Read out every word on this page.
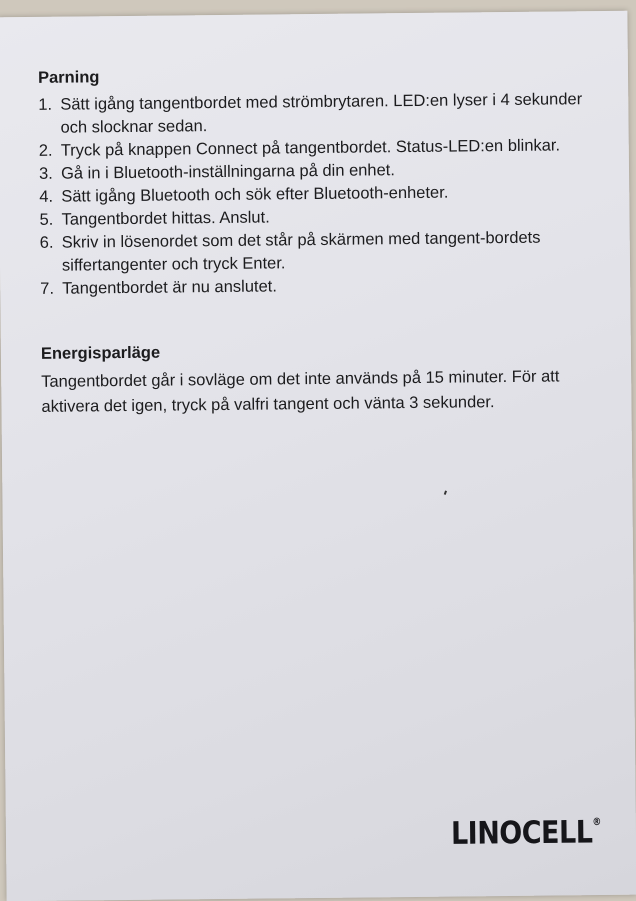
Parning
1. Sätt igång tangentbordet med strömbrytaren. LED:en lyser i 4 sekunder och slocknar sedan.
2. Tryck på knappen Connect på tangentbordet. Status-LED:en blinkar.
3. Gå in i Bluetooth-inställningarna på din enhet.
4. Sätt igång Bluetooth och sök efter Bluetooth-enheter.
5. Tangentbordet hittas. Anslut.
6. Skriv in lösenordet som det står på skärmen med tangent-bordets siffertangenter och tryck Enter.
7. Tangentbordet är nu anslutet.
Energisparläge

Tangentbordet går i sovläge om det inte används på 15 minuter. För att aktivera det igen, tryck på valfri tangent och vänta 3 sekunder.

LINOCELL®
